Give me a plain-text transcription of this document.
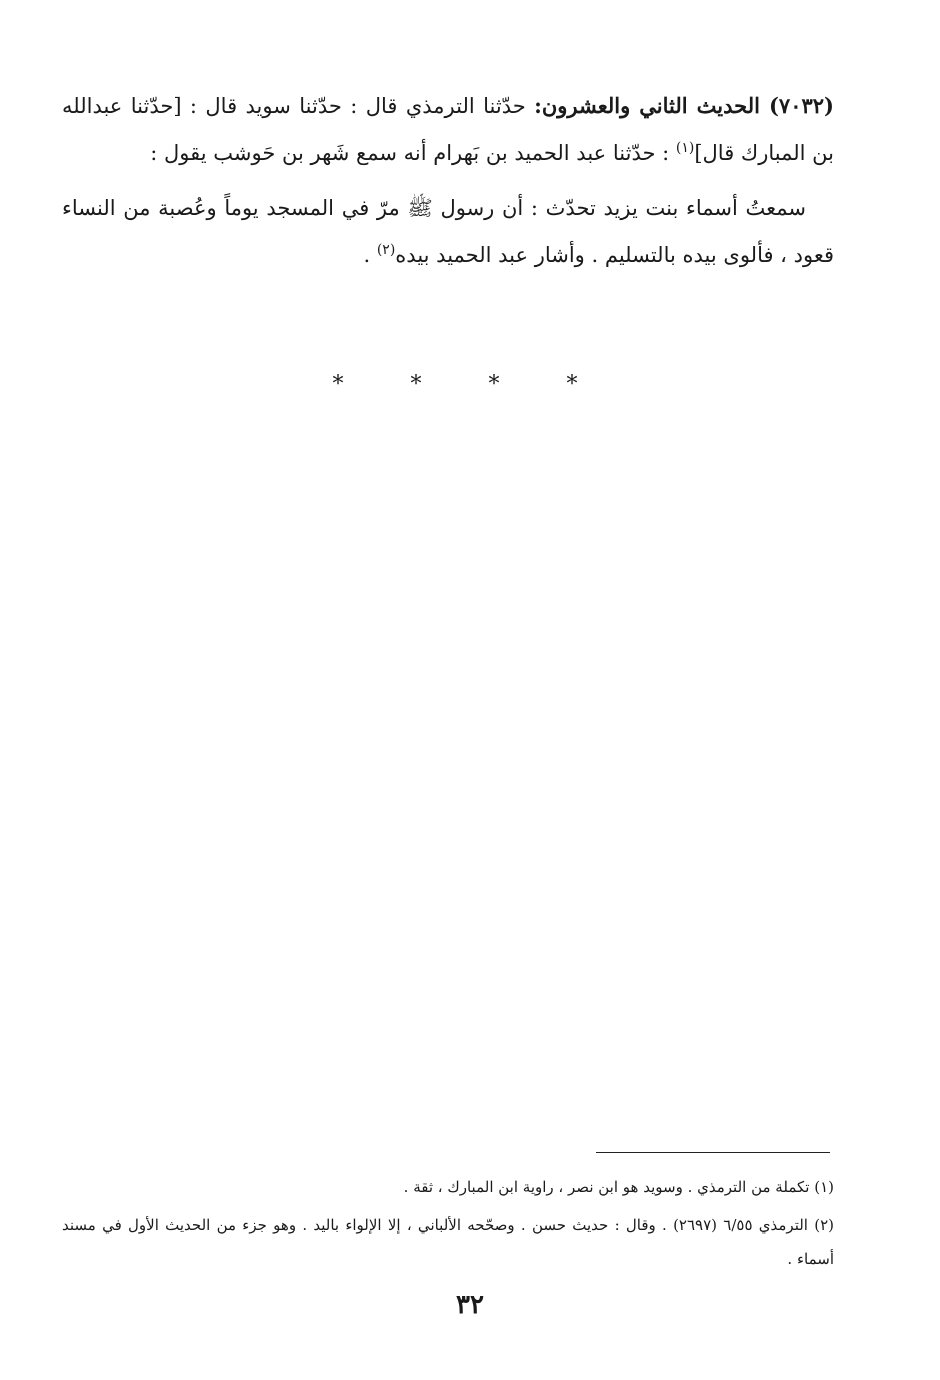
(٧٠٣٢) الحديث الثاني والعشرون: حدّثنا الترمذي قال : حدّثنا سويد قال : [حدّثنا عبدالله بن المبارك قال]$^{(١)}$ : حدّثنا عبد الحميد بن بَهرام أنه سمع شَهر بن حَوشب يقول :

سمعتُ أسماء بنت يزيد تحدّث : أن رسول ﷺ مرّ في المسجد يوماً وعُصبة من النساء قعود ، فألوى بيده بالتسليم . وأشار عبد الحميد بيده$^{(٢)}$ .

* * * *

(١) تكملة من الترمذي . وسويد هو ابن نصر ، راوية ابن المبارك ، ثقة .

(٢) الترمذي ٦/٥٥ (٢٦٩٧) . وقال : حديث حسن . وصحّحه الألباني ، إلا الإلواء باليد . وهو جزء من الحديث الأول في مسند أسماء .

٣٢
